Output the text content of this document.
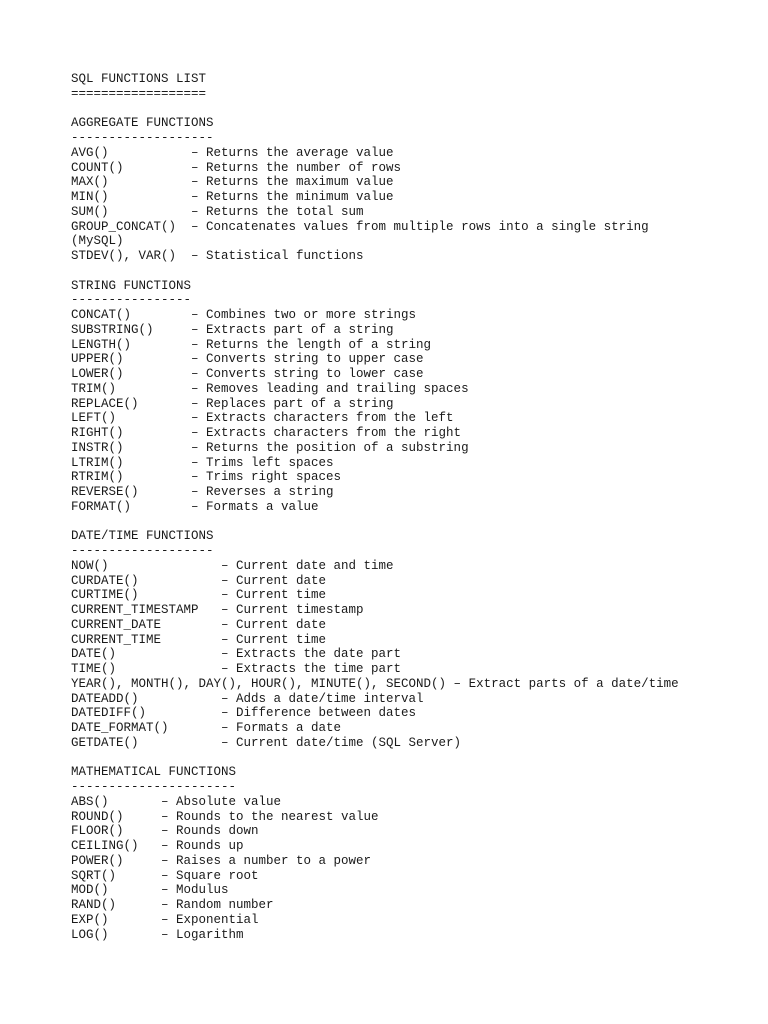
SQL FUNCTIONS LIST
==================
AGGREGATE FUNCTIONS
-------------------
AVG()           – Returns the average value
COUNT()         – Returns the number of rows
MAX()           – Returns the maximum value
MIN()           – Returns the minimum value
SUM()           – Returns the total sum
GROUP_CONCAT()  – Concatenates values from multiple rows into a single string
(MySQL)
STDEV(), VAR()  – Statistical functions
STRING FUNCTIONS
----------------
CONCAT()        – Combines two or more strings
SUBSTRING()     – Extracts part of a string
LENGTH()        – Returns the length of a string
UPPER()         – Converts string to upper case
LOWER()         – Converts string to lower case
TRIM()          – Removes leading and trailing spaces
REPLACE()       – Replaces part of a string
LEFT()          – Extracts characters from the left
RIGHT()         – Extracts characters from the right
INSTR()         – Returns the position of a substring
LTRIM()         – Trims left spaces
RTRIM()         – Trims right spaces
REVERSE()       – Reverses a string
FORMAT()        – Formats a value
DATE/TIME FUNCTIONS
-------------------
NOW()               – Current date and time
CURDATE()           – Current date
CURTIME()           – Current time
CURRENT_TIMESTAMP   – Current timestamp
CURRENT_DATE        – Current date
CURRENT_TIME        – Current time
DATE()              – Extracts the date part
TIME()              – Extracts the time part
YEAR(), MONTH(), DAY(), HOUR(), MINUTE(), SECOND() – Extract parts of a date/time
DATEADD()           – Adds a date/time interval
DATEDIFF()          – Difference between dates
DATE_FORMAT()       – Formats a date
GETDATE()           – Current date/time (SQL Server)
MATHEMATICAL FUNCTIONS
----------------------
ABS()       – Absolute value
ROUND()     – Rounds to the nearest value
FLOOR()     – Rounds down
CEILING()   – Rounds up
POWER()     – Raises a number to a power
SQRT()      – Square root
MOD()       – Modulus
RAND()      – Random number
EXP()       – Exponential
LOG()       – Logarithm
